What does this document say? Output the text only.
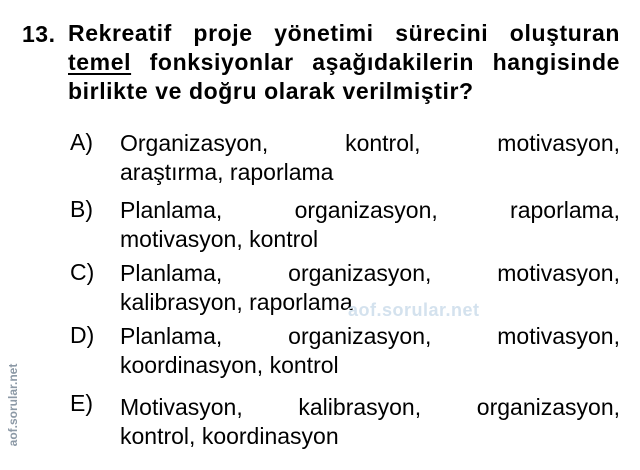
13. Rekreatif proje yönetimi sürecini oluşturan temel fonksiyonlar aşağıdakilerin hangisinde birlikte ve doğru olarak verilmiştir?
A) Organizasyon,	kontrol,	motivasyon,
araştırma, raporlama
B) Planlama,	organizasyon,	raporlama,
motivasyon, kontrol
C) Planlama,	organizasyon,	motivasyon,
kalibrasyon, raporlama
D) Planlama,	organizasyon,	motivasyon,
koordinasyon, kontrol
E) Motivasyon, kalibrasyon, organizasyon,
kontrol, koordinasyon
aof.sorular.net
aof.sorular.net
